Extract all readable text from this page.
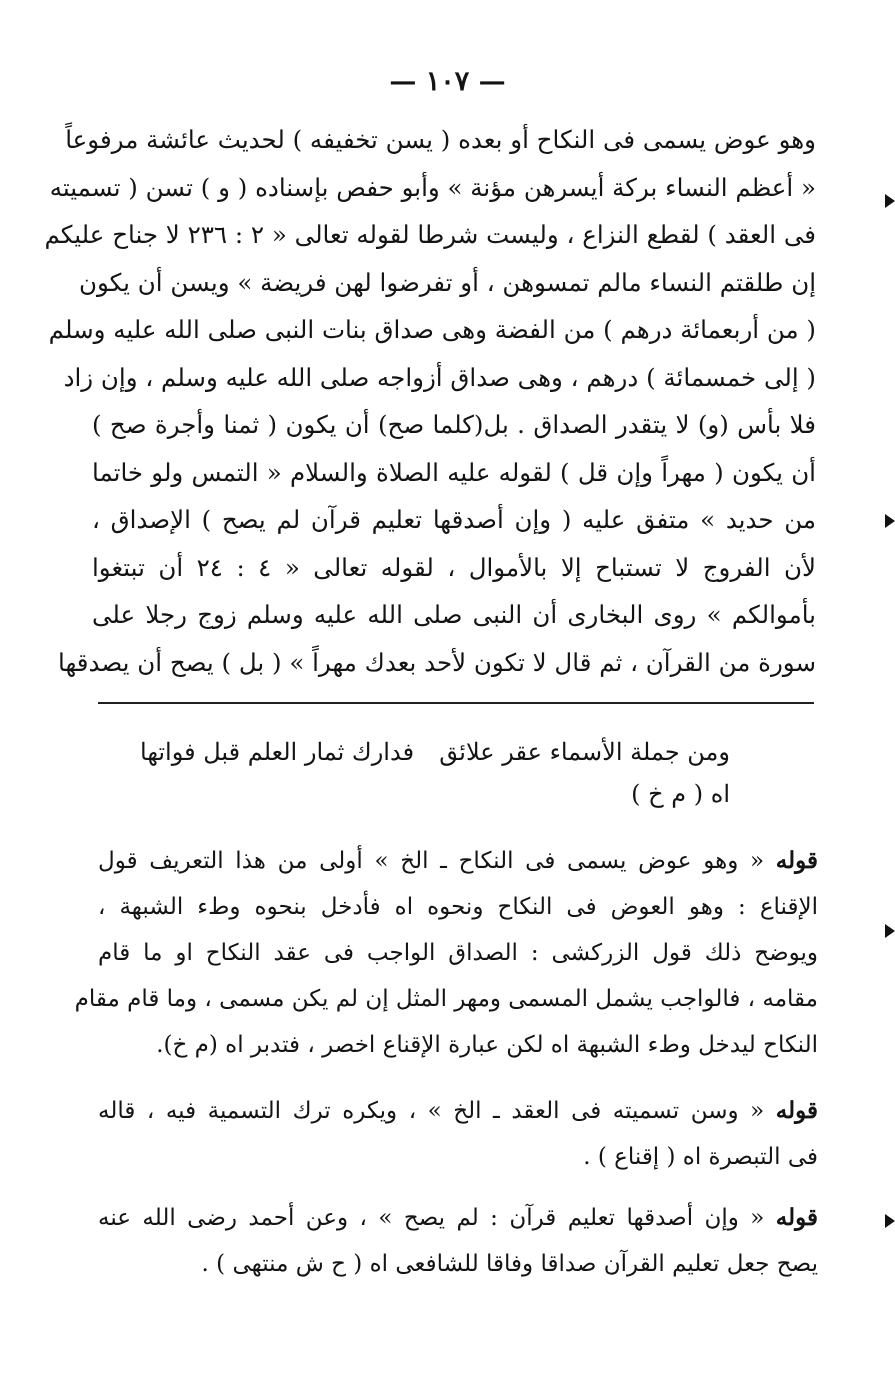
— ١٠٧ —
وهو عوض يسمى فى النكاح أو بعده ( يسن تخفيفه ) لحديث عائشة مرفوعاً
« أعظم النساء بركة أيسرهن مؤنة » وأبو حفص بإسناده ( و ) تسن ( تسميته
فى العقد ) لقطع النزاع ، وليست شرطا لقوله تعالى « ٢ : ٢٣٦ لا جناح عليكم
إن طلقتم النساء مالم تمسوهن ، أو تفرضوا لهن فريضة » ويسن أن يكون
( من أربعمائة درهم ) من الفضة وهى صداق بنات النبى صلى الله عليه وسلم
( إلى خمسمائة ) درهم ، وهى صداق أزواجه صلى الله عليه وسلم ، وإن زاد
فلا بأس (و) لا يتقدر الصداق . بل(كلما صح) أن يكون ( ثمنا وأجرة صح )
أن يكون ( مهراً وإن قل ) لقوله عليه الصلاة والسلام « التمس ولو خاتما
من حديد » متفق عليه ( وإن أصدقها تعليم قرآن لم يصح ) الإصداق ،
لأن الفروج لا تستباح إلا بالأموال ، لقوله تعالى « ٤ : ٢٤ أن تبتغوا
بأموالكم » روى البخارى أن النبى صلى الله عليه وسلم زوج رجلا على
سورة من القرآن ، ثم قال لا تكون لأحد بعدك مهراً » ( بل ) يصح أن يصدقها
ومن جملة الأسماء عقر علائق
فدارك ثمار العلم قبل فواتها
اه ( م خ )
قوله « وهو عوض يسمى فى النكاح ـ الخ » أولى من هذا التعريف قول
الإقناع : وهو العوض فى النكاح ونحوه اه فأدخل بنحوه وطء الشبهة ،
ويوضح ذلك قول الزركشى : الصداق الواجب فى عقد النكاح او ما قام
مقامه ، فالواجب يشمل المسمى ومهر المثل إن لم يكن مسمى ، وما قام مقام
النكاح ليدخل وطء الشبهة اه لكن عبارة الإقناع اخصر ، فتدبر اه (م خ).
قوله « وسن تسميته فى العقد ـ الخ » ، ويكره ترك التسمية فيه ، قاله
فى التبصرة اه ( إقناع ) .
قوله « وإن أصدقها تعليم قرآن : لم يصح » ، وعن أحمد رضى الله عنه
يصح جعل تعليم القرآن صداقا وفاقا للشافعى اه ( ح ش منتهى ) .
